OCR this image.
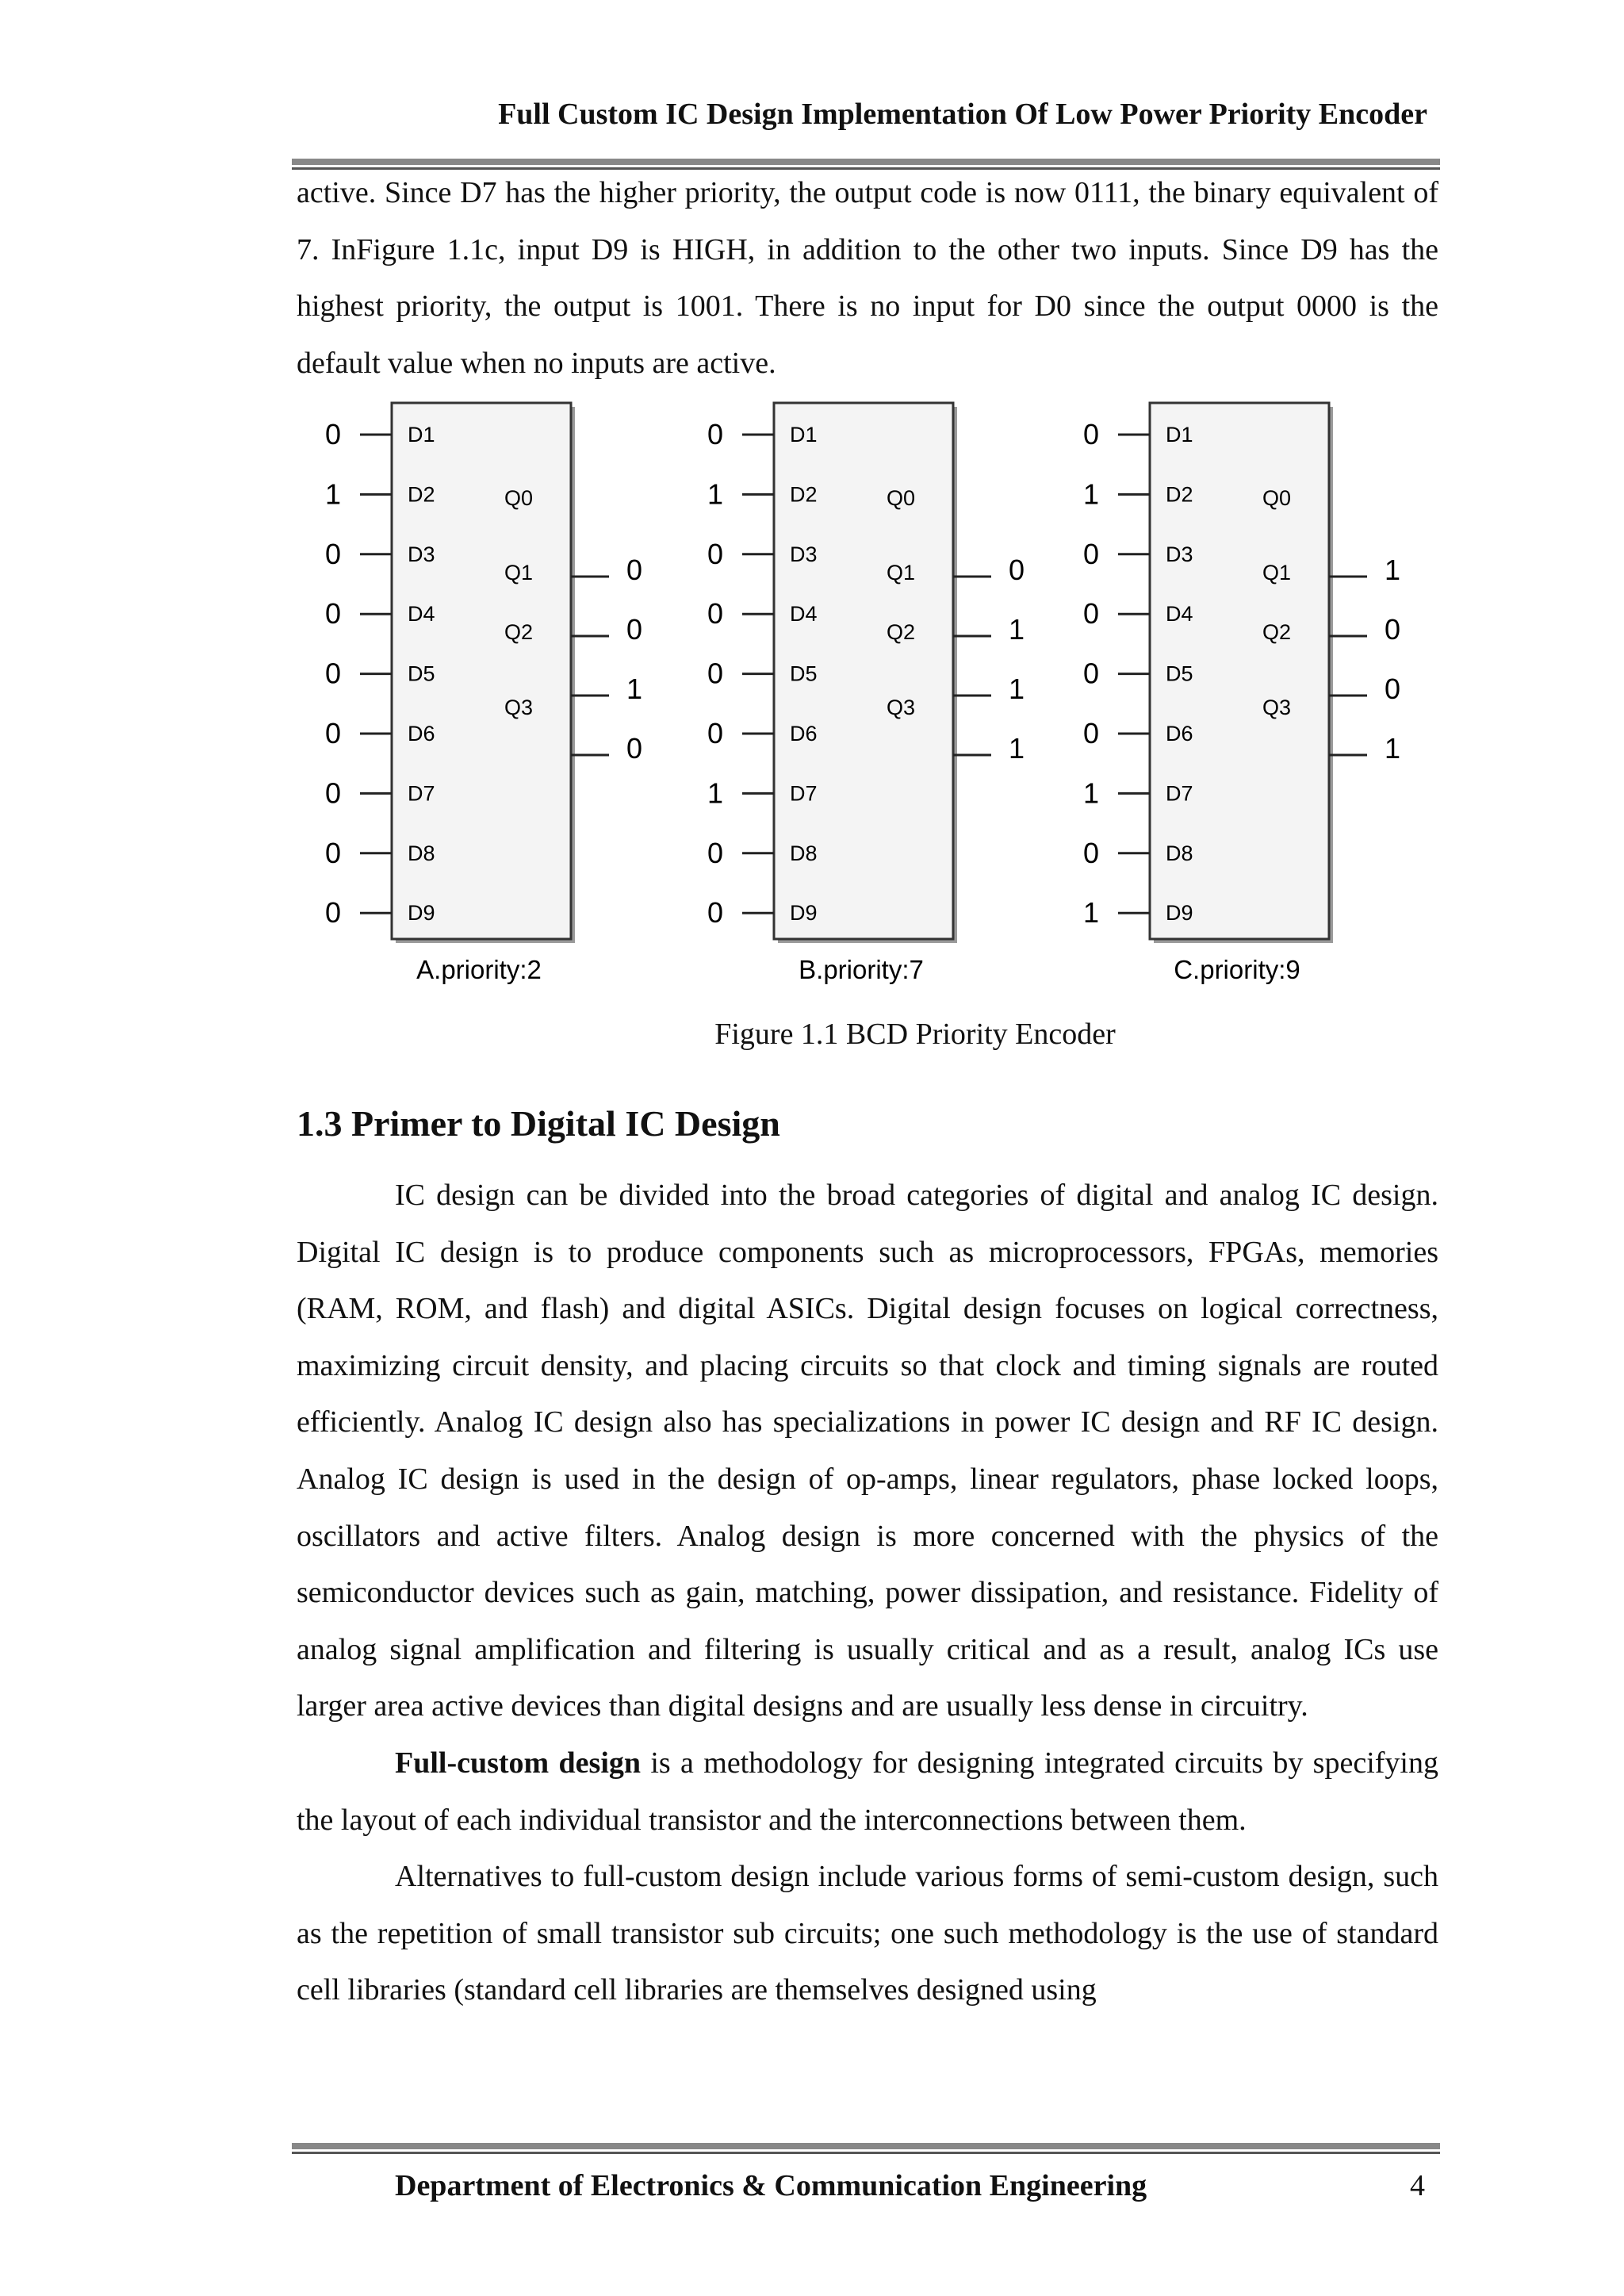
Full Custom IC Design Implementation Of Low Power Priority Encoder

active. Since D7 has the higher priority, the output code is now 0111, the binary equivalent of 7. InFigure 1.1c, input D9 is HIGH, in addition to the other two inputs. Since D9 has the highest priority, the output is 1001. There is no input for D0 since the output 0000 is the default value when no inputs are active.

0	D1
1	D2
0	D3
0	D4
0	D5
0	D6
0	D7
0	D8
0	D9
Q0
0
Q1
0
Q2
1
Q3
0
A.priority:2
0	D1
1	D2
0	D3
0	D4
0	D5
0	D6
1	D7
0	D8
0	D9
Q0
0
Q1
1
Q2
1
Q3
1
B.priority:7
0	D1
1	D2
0	D3
0	D4
0	D5
0	D6
1	D7
0	D8
1	D9
Q0
1
Q1
0
Q2
0
Q3
1
C.priority:9
Figure 1.1 BCD Priority Encoder
1.3 Primer to Digital IC Design

IC design can be divided into the broad categories of digital and analog IC design. Digital IC design is to produce components such as microprocessors, FPGAs, memories (RAM, ROM, and flash) and digital ASICs. Digital design focuses on logical correctness, maximizing circuit density, and placing circuits so that clock and timing signals are routed efficiently. Analog IC design also has specializations in power IC design and RF IC design. Analog IC design is used in the design of op-amps, linear regulators, phase locked loops, oscillators and active filters. Analog design is more concerned with the physics of the semiconductor devices such as gain, matching, power dissipation, and resistance. Fidelity of analog signal amplification and filtering is usually critical and as a result, analog ICs use larger area active devices than digital designs and are usually less dense in circuitry.

Full-custom design is a methodology for designing integrated circuits by specifying the layout of each individual transistor and the interconnections between them.

Alternatives to full-custom design include various forms of semi-custom design, such as the repetition of small transistor sub circuits; one such methodology is the use of standard cell libraries (standard cell libraries are themselves designed using

Department of Electronics & Communication Engineering	4
